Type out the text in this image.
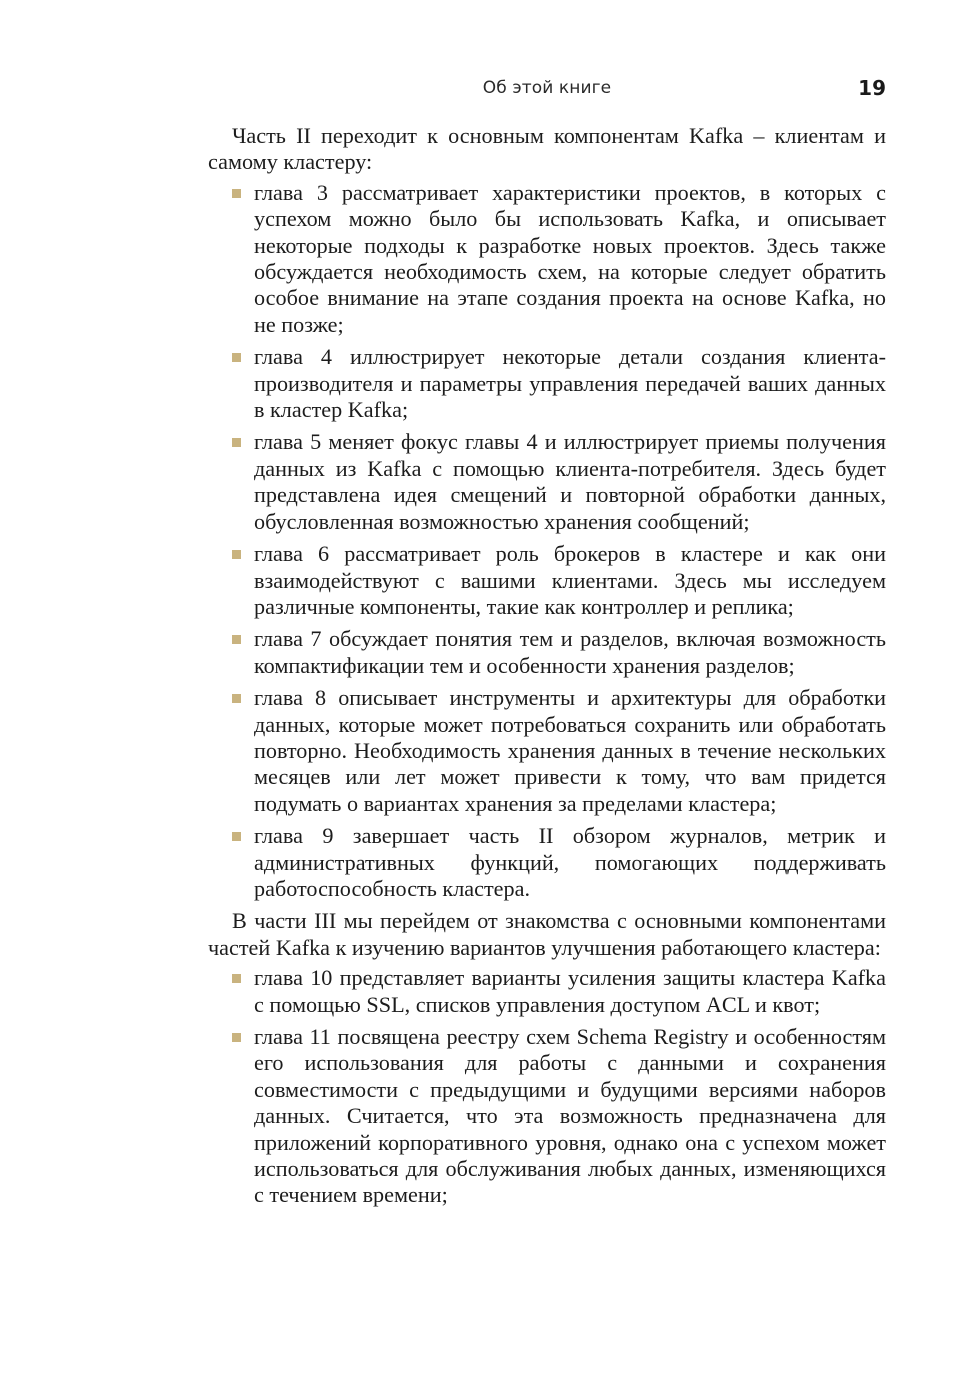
Об этой книге	19

Часть II переходит к основным компонентам Kafka – клиентам и самому кластеру:

глава 3 рассматривает характеристики проектов, в которых с успехом можно было бы использовать Kafka, и описывает некоторые подходы к разработке новых проектов. Здесь также обсуждается необходимость схем, на которые следует обратить особое внимание на этапе создания проекта на основе Kafka, но не позже;
глава 4 иллюстрирует некоторые детали создания клиента-производителя и параметры управления передачей ваших данных в кластер Kafka;
глава 5 меняет фокус главы 4 и иллюстрирует приемы получения данных из Kafka с помощью клиента-потребителя. Здесь будет представлена идея смещений и повторной обработки данных, обусловленная возможностью хранения сообщений;
глава 6 рассматривает роль брокеров в кластере и как они взаимодействуют с вашими клиентами. Здесь мы исследуем различные компоненты, такие как контроллер и реплика;
глава 7 обсуждает понятия тем и разделов, включая возможность компактификации тем и особенности хранения разделов;
глава 8 описывает инструменты и архитектуры для обработки данных, которые может потребоваться сохранить или обработать повторно. Необходимость хранения данных в течение нескольких месяцев или лет может привести к тому, что вам придется подумать о вариантах хранения за пределами кластера;
глава 9 завершает часть II обзором журналов, метрик и административных функций, помогающих поддерживать работоспособность кластера.

В части III мы перейдем от знакомства с основными компонентами частей Kafka к изучению вариантов улучшения работающего кластера:

глава 10 представляет варианты усиления защиты кластера Kafka с помощью SSL, списков управления доступом ACL и квот;
глава 11 посвящена реестру схем Schema Registry и особенностям его использования для работы с данными и сохранения совместимости с предыдущими и будущими версиями наборов данных. Считается, что эта возможность предназначена для приложений корпоративного уровня, однако она с успехом может использоваться для обслуживания любых данных, изменяющихся с течением времени;
